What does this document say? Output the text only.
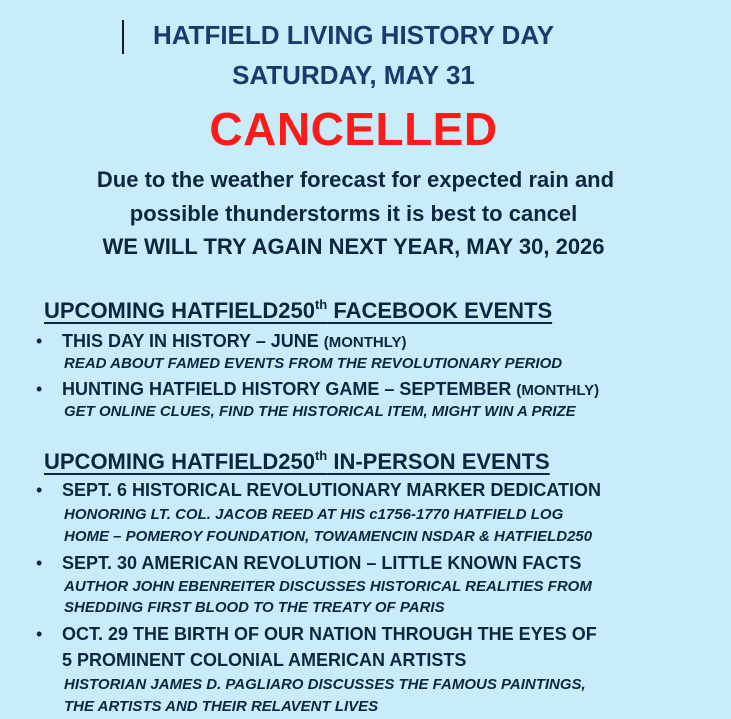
HATFIELD LIVING HISTORY DAY
SATURDAY, MAY 31
CANCELLED
Due to the weather forecast for expected rain and
possible thunderstorms it is best to cancel
WE WILL TRY AGAIN NEXT YEAR, MAY 30, 2026
UPCOMING HATFIELD250th FACEBOOK EVENTS
• THIS DAY IN HISTORY – JUNE (MONTHLY)
READ ABOUT FAMED EVENTS FROM THE REVOLUTIONARY PERIOD
• HUNTING HATFIELD HISTORY GAME – SEPTEMBER (MONTHLY)
GET ONLINE CLUES, FIND THE HISTORICAL ITEM, MIGHT WIN A PRIZE
UPCOMING HATFIELD250th IN-PERSON EVENTS
• SEPT. 6 HISTORICAL REVOLUTIONARY MARKER DEDICATION
HONORING LT. COL. JACOB REED AT HIS c1756-1770 HATFIELD LOG
HOME – POMEROY FOUNDATION, TOWAMENCIN NSDAR & HATFIELD250
• SEPT. 30 AMERICAN REVOLUTION – LITTLE KNOWN FACTS
AUTHOR JOHN EBENREITER DISCUSSES HISTORICAL REALITIES FROM
SHEDDING FIRST BLOOD TO THE TREATY OF PARIS
• OCT. 29 THE BIRTH OF OUR NATION THROUGH THE EYES OF
5 PROMINENT COLONIAL AMERICAN ARTISTS
HISTORIAN JAMES D. PAGLIARO DISCUSSES THE FAMOUS PAINTINGS,
THE ARTISTS AND THEIR RELAVENT LIVES
